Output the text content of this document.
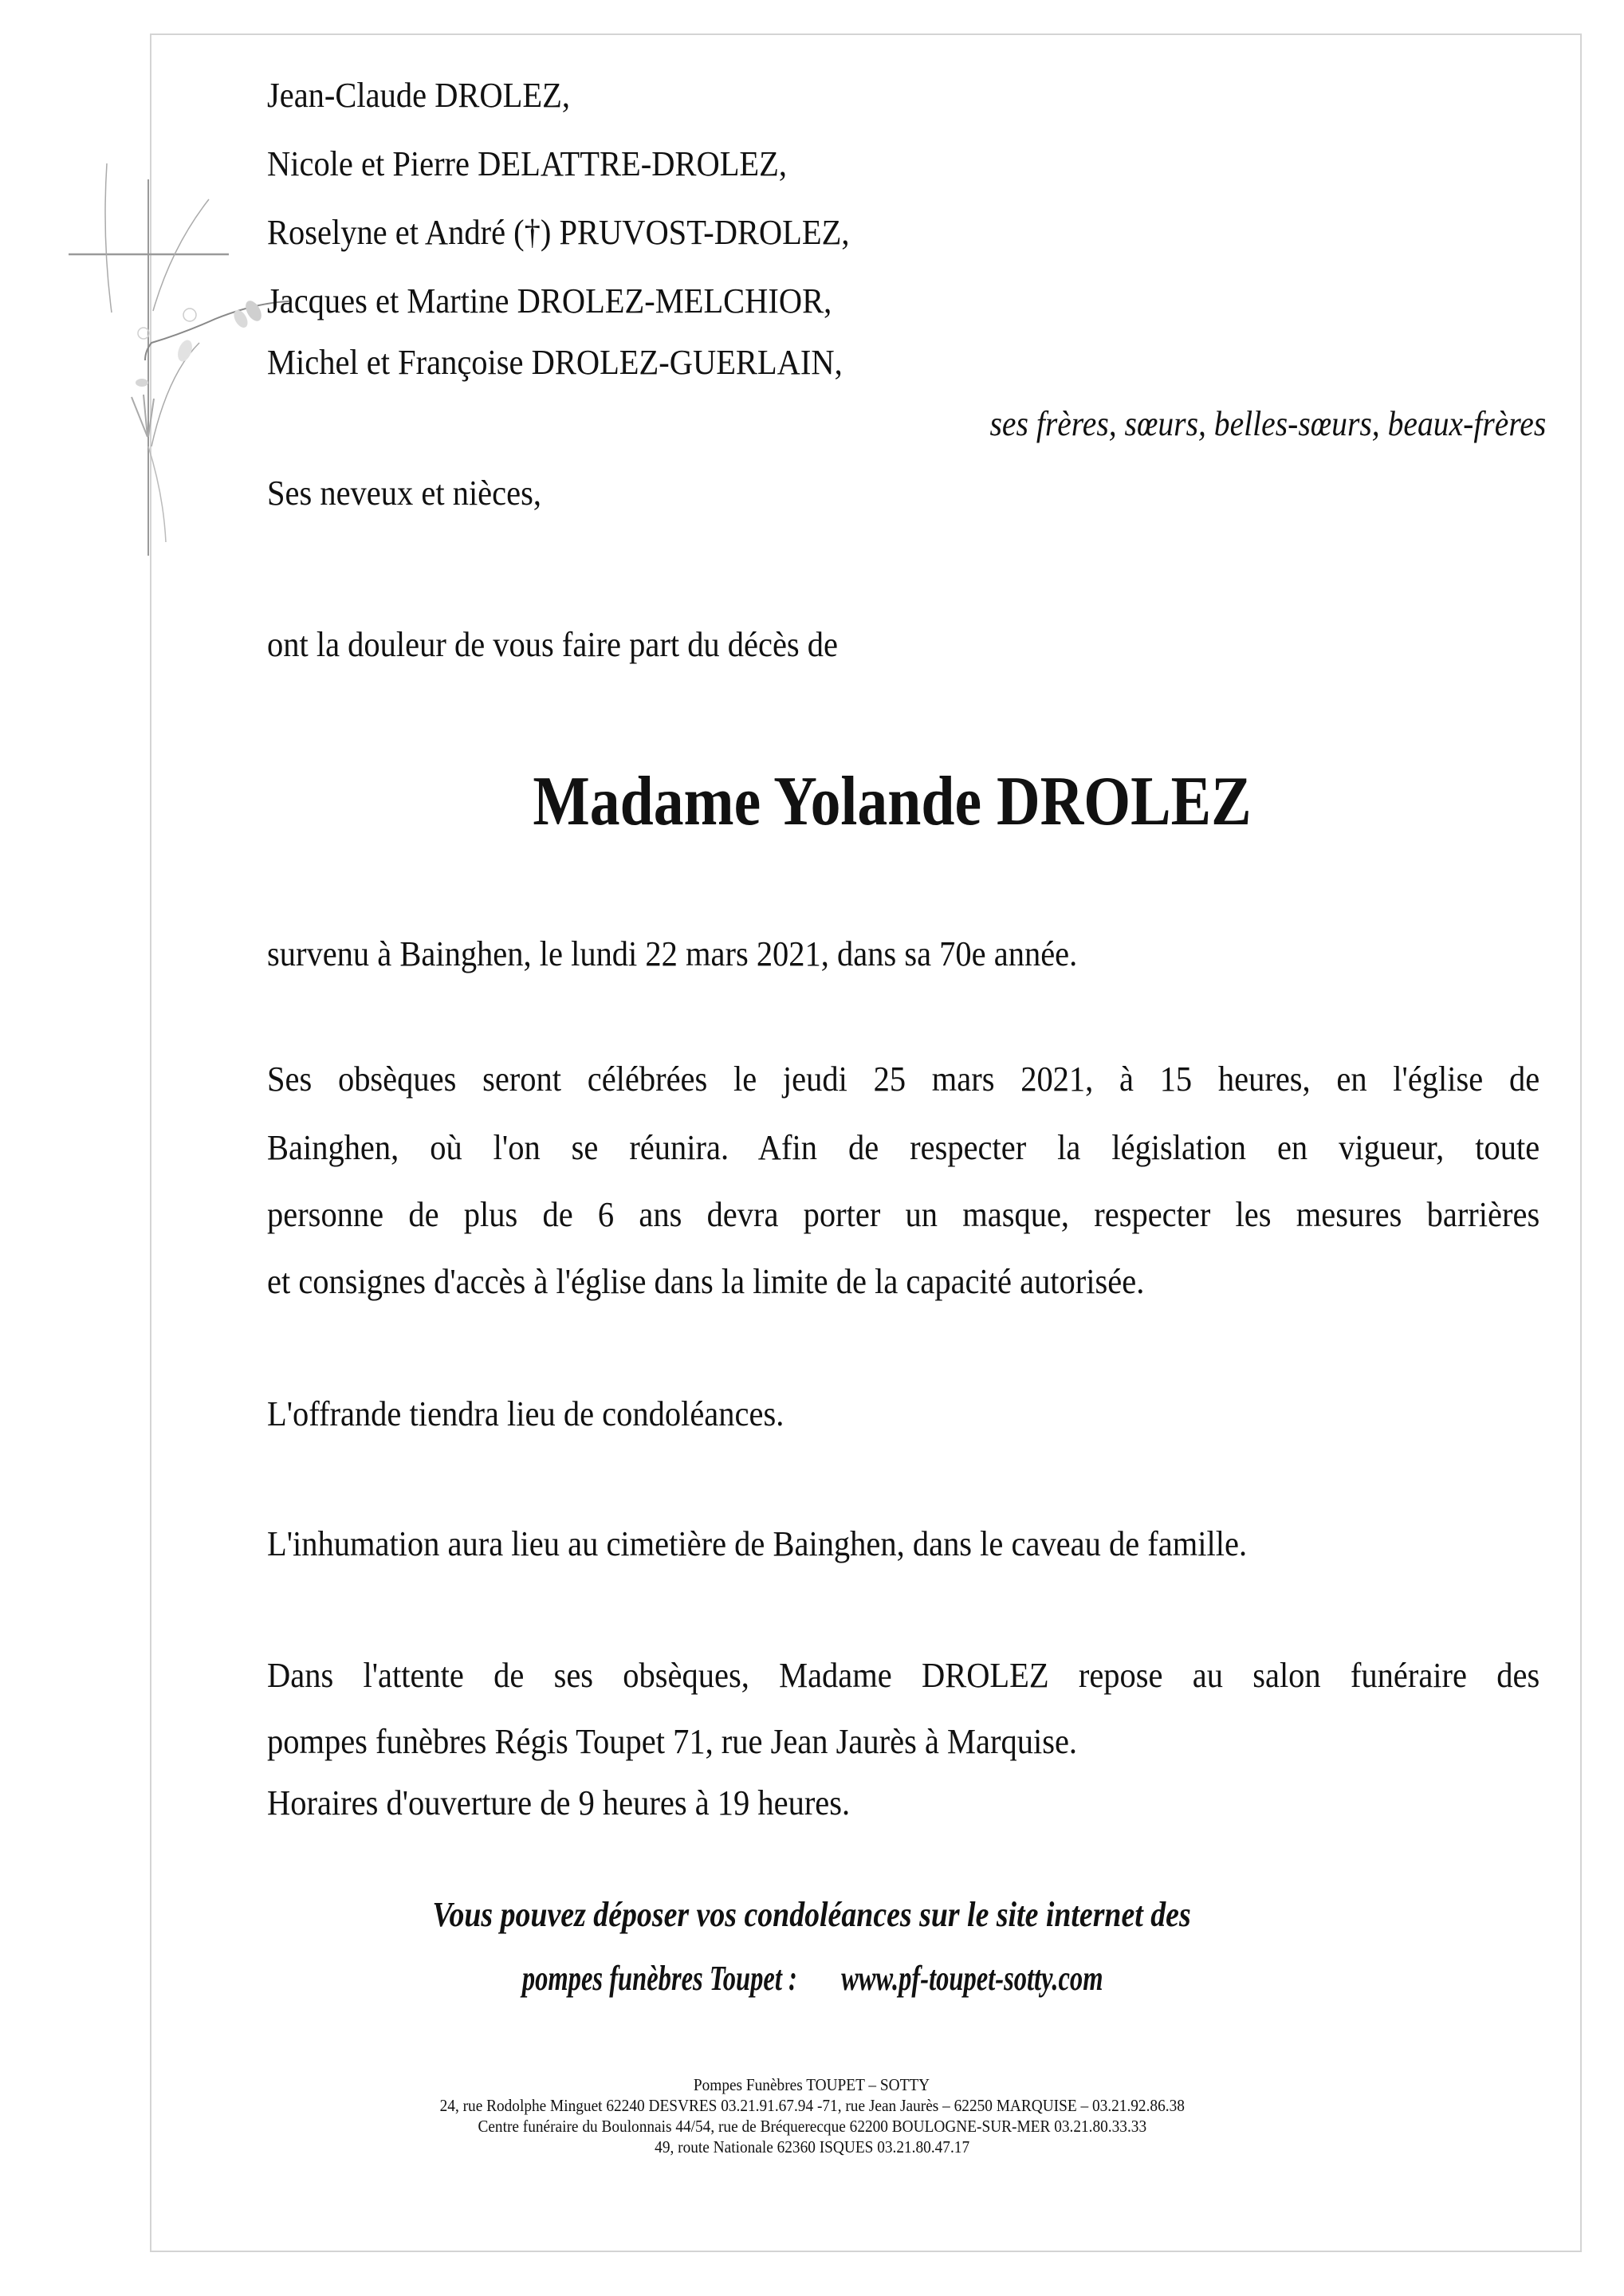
Jean-Claude DROLEZ,
Nicole et Pierre DELATTRE-DROLEZ,
Roselyne et André (†) PRUVOST-DROLEZ,
Jacques et Martine DROLEZ-MELCHIOR,
Michel et Françoise DROLEZ-GUERLAIN,
ses frères, sœurs, belles-sœurs, beaux-frères
Ses neveux et nièces,
ont la douleur de vous faire part du décès de
Madame Yolande DROLEZ
survenu à Bainghen, le lundi 22 mars 2021, dans sa 70e année.
Ses obsèques seront célébrées le jeudi 25 mars 2021, à 15 heures, en l'église de
Bainghen, où l'on se réunira. Afin de respecter la législation en vigueur, toute
personne de plus de 6 ans devra porter un masque, respecter les mesures barrières
et consignes d'accès à l'église dans la limite de la capacité autorisée.
L'offrande tiendra lieu de condoléances.
L'inhumation aura lieu au cimetière de Bainghen, dans le caveau de famille.
Dans l'attente de ses obsèques, Madame DROLEZ repose au salon funéraire des
pompes funèbres Régis Toupet 71, rue Jean Jaurès à Marquise.
Horaires d'ouverture de 9 heures à 19 heures.
Vous pouvez déposer vos condoléances sur le site internet des
pompes funèbres Toupet :www.pf-toupet-sotty.com
Pompes Funèbres TOUPET – SOTTY
24, rue Rodolphe Minguet 62240 DESVRES 03.21.91.67.94 -71, rue Jean Jaurès – 62250 MARQUISE – 03.21.92.86.38
Centre funéraire du Boulonnais 44/54, rue de Bréquerecque 62200 BOULOGNE-SUR-MER 03.21.80.33.33
49, route Nationale 62360 ISQUES 03.21.80.47.17
